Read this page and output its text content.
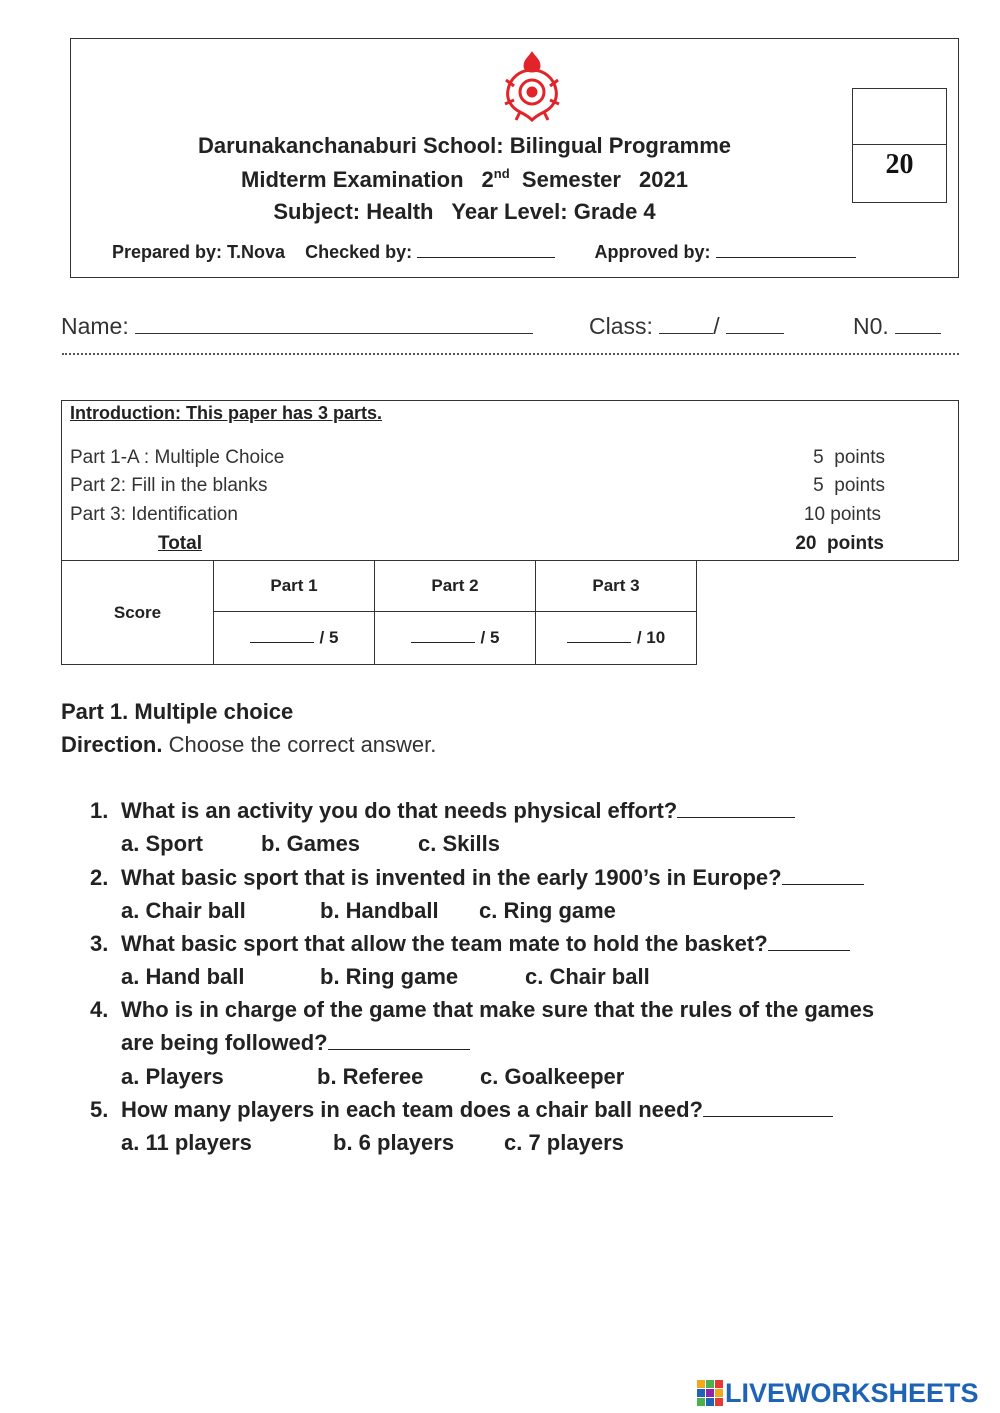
Darunakanchanaburi School: Bilingual Programme
Midterm Examination 2nd Semester 2021
Subject: Health   Year Level: Grade 4
Prepared by: T.Nova Checked by:	Approved by:
20
Name:	Class:	/	N0.
Introduction: This paper has 3 parts.
Part 1-A : Multiple Choice	5  points
Part 2: Fill in the blanks	5  points
Part 3: Identification	10 points
Total	20  points
Score	Part 1	Part 2	Part 3
	/ 5	/ 5	/ 10
Part 1. Multiple choice
Direction. Choose the correct answer.
1. What is an activity you do that needs physical effort?
a. Sport	b. Games	c. Skills
2. What basic sport that is invented in the early 1900’s in Europe?
a. Chair ball	b. Handball c. Ring game
3. What basic sport that allow the team mate to hold the basket?
a. Hand ball	b. Ring game	c. Chair ball
4. Who is in charge of the game that make sure that the rules of the games
are being followed?
a. Players	b. Referee	c. Goalkeeper
5. How many players in each team does a chair ball need?
a. 11 players	b. 6 players c. 7 players
LIVEWORKSHEETS
